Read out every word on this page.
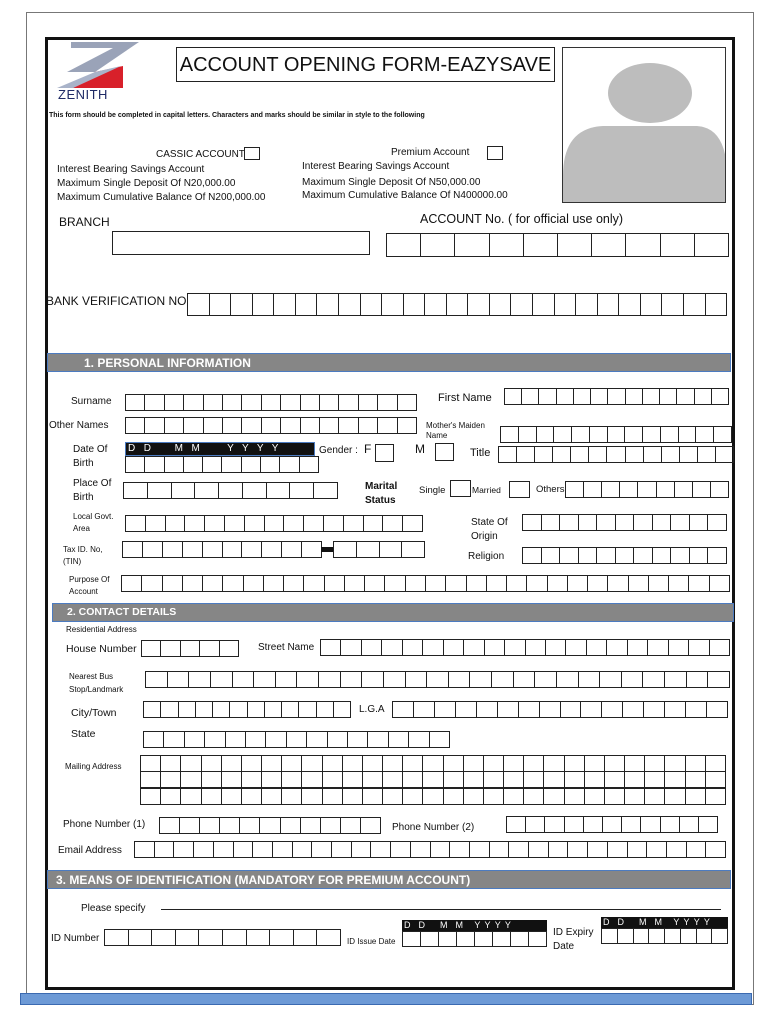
ZENITH
ACCOUNT OPENING FORM-EAZYSAVE
This form should be completed in capital letters. Characters and marks should be similar in style to the following
CASSIC ACCOUNT
Interest Bearing Savings Account
Maximum Single Deposit Of N20,000.00
Maximum Cumulative Balance Of N200,000.00
Premium Account
Interest Bearing Savings Account
Maximum Single Deposit Of N50,000.00
Maximum Cumulative Balance Of N400000.00
BRANCH	ACCOUNT No. ( for official use only)
BANK VERIFICATION NO
1. PERSONAL INFORMATION
Surname	First Name
Other Names	Mother's Maiden Name
Date Of
Birth
D  D      M  M       Y  Y  Y  Y	Gender : F	M	Title
Place Of
Birth
Marital
Status
Single	Married	Others
Local Govt.
Area
State Of
Origin
Tax ID. No,
(TIN)	Religion
Purpose Of
Account
2. CONTACT DETAILS
Residential Address
House Number	Street Name
Nearest Bus
Stop/Landmark
City/Town	L.G.A
State
Mailing Address
Phone Number (1)	Phone Number (2)
Email Address
3. MEANS OF IDENTIFICATION (MANDATORY FOR PREMIUM ACCOUNT)
Please specify
ID Number	ID Issue Date
D  D    M  M   Y Y Y Y
ID Expiry
Date
D  D    M  M   Y Y Y Y
